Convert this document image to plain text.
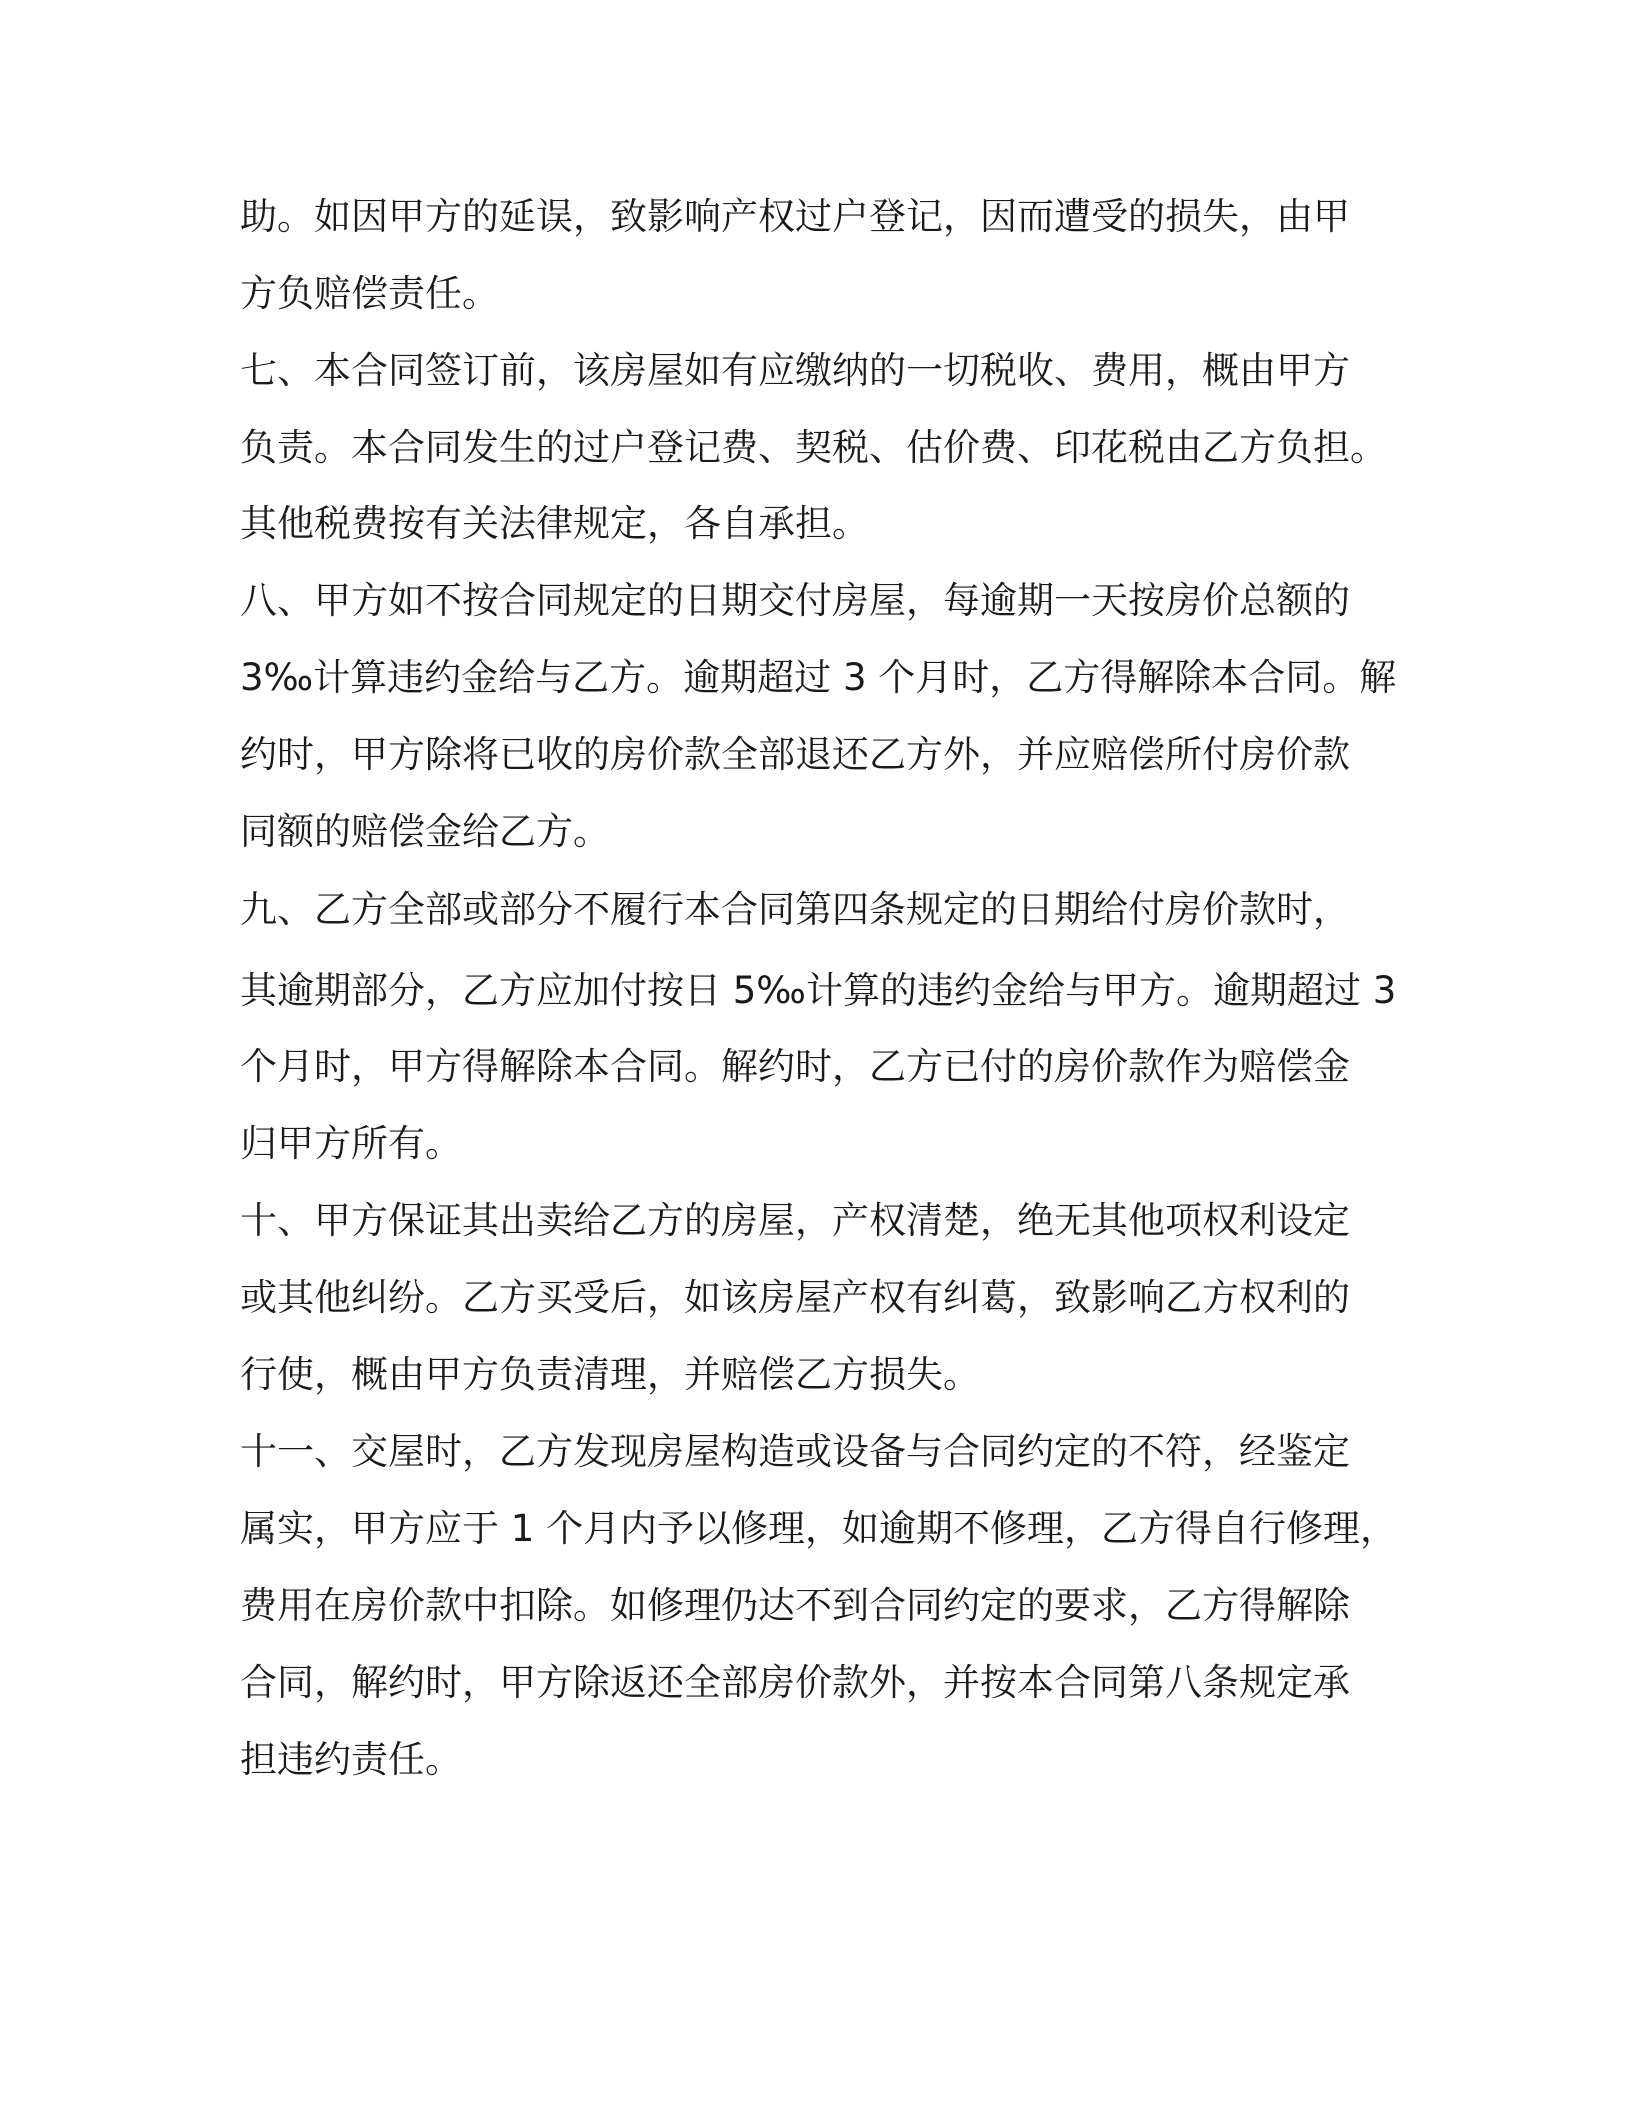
助。如因甲方的延误，致影响产权过户登记，因而遭受的损失，由甲
方负赔偿责任。
七、本合同签订前，该房屋如有应缴纳的一切税收、费用，概由甲方
负责。本合同发生的过户登记费、契税、估价费、印花税由乙方负担。
其他税费按有关法律规定，各自承担。
八、甲方如不按合同规定的日期交付房屋，每逾期一天按房价总额的
3‰计算违约金给与乙方。逾期超过 3 个月时，乙方得解除本合同。解
约时，甲方除将已收的房价款全部退还乙方外，并应赔偿所付房价款
同额的赔偿金给乙方。
九、乙方全部或部分不履行本合同第四条规定的日期给付房价款时，
其逾期部分，乙方应加付按日 5‰计算的违约金给与甲方。逾期超过 3
个月时，甲方得解除本合同。解约时，乙方已付的房价款作为赔偿金
归甲方所有。
十、甲方保证其出卖给乙方的房屋，产权清楚，绝无其他项权利设定
或其他纠纷。乙方买受后，如该房屋产权有纠葛，致影响乙方权利的
行使，概由甲方负责清理，并赔偿乙方损失。
十一、交屋时，乙方发现房屋构造或设备与合同约定的不符，经鉴定
属实，甲方应于 1 个月内予以修理，如逾期不修理，乙方得自行修理，
费用在房价款中扣除。如修理仍达不到合同约定的要求，乙方得解除
合同，解约时，甲方除返还全部房价款外，并按本合同第八条规定承
担违约责任。
